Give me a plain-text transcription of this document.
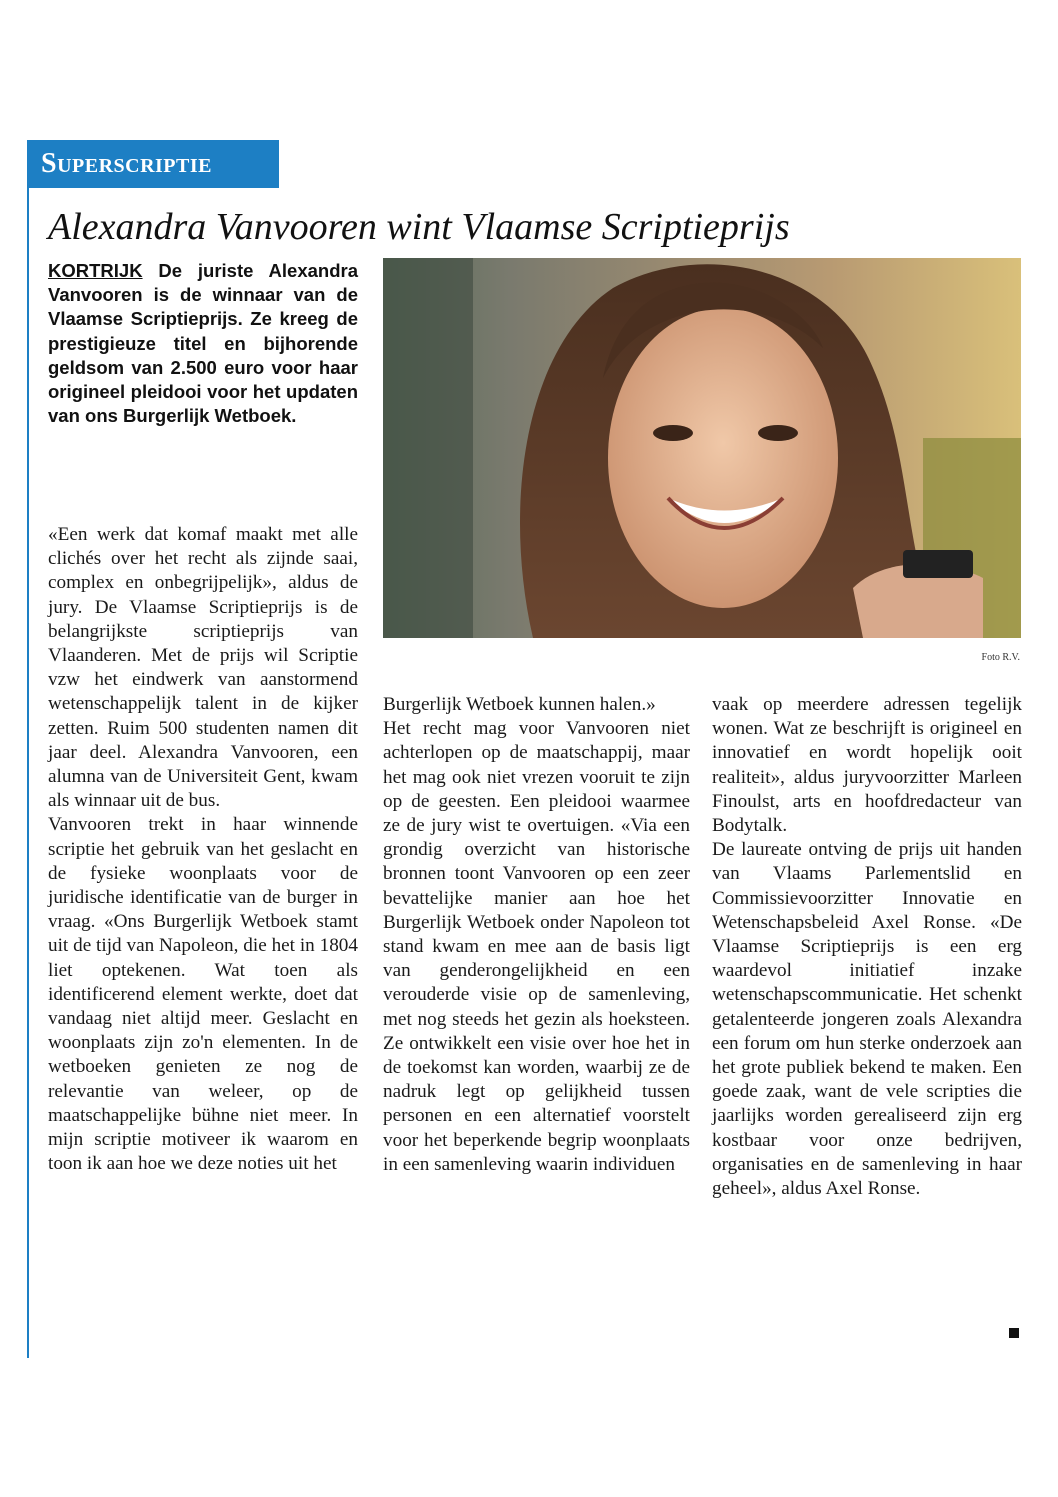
Superscriptie
Alexandra Vanvooren wint Vlaamse Scriptieprijs
KORTRIJK De juriste Alexandra Vanvooren is de winnaar van de Vlaamse Scriptieprijs. Ze kreeg de prestigieuze titel en bijhorende geldsom van 2.500 euro voor haar origineel pleidooi voor het updaten van ons Burgerlijk Wetboek.
Foto R.V.

«Een werk dat komaf maakt met alle clichés over het recht als zijnde saai, complex en onbegrijpelijk», aldus de jury. De Vlaamse Scriptieprijs is de belangrijkste scriptieprijs van Vlaanderen. Met de prijs wil Scriptie vzw het eindwerk van aanstormend wetenschappelijk talent in de kijker zetten. Ruim 500 studenten namen dit jaar deel. Alexandra Vanvooren, een alumna van de Universiteit Gent, kwam als winnaar uit de bus.

Vanvooren trekt in haar winnende scriptie het gebruik van het geslacht en de fysieke woonplaats voor de juridische identificatie van de burger in vraag. «Ons Burgerlijk Wetboek stamt uit de tijd van Napoleon, die het in 1804 liet optekenen. Wat toen als identificerend element werkte, doet dat vandaag niet altijd meer. Geslacht en woonplaats zijn zo'n elementen. In de wetboeken genieten ze nog de relevantie van weleer, op de maatschappelijke bühne niet meer. In mijn scriptie motiveer ik waarom en toon ik aan hoe we deze noties uit het

Burgerlijk Wetboek kunnen halen.»

Het recht mag voor Vanvooren niet achterlopen op de maatschappij, maar het mag ook niet vrezen vooruit te zijn op de geesten. Een pleidooi waarmee ze de jury wist te overtuigen. «Via een grondig overzicht van historische bronnen toont Vanvooren op een zeer bevattelijke manier aan hoe het Burgerlijk Wetboek onder Napoleon tot stand kwam en mee aan de basis ligt van genderongelijkheid en een verouderde visie op de samenleving, met nog steeds het gezin als hoeksteen. Ze ontwikkelt een visie over hoe het in de toekomst kan worden, waarbij ze de nadruk legt op gelijkheid tussen personen en een alternatief voorstelt voor het beperkende begrip woonplaats in een samenleving waarin individuen

vaak op meerdere adressen tegelijk wonen. Wat ze beschrijft is origineel en innovatief en wordt hopelijk ooit realiteit», aldus juryvoorzitter Marleen Finoulst, arts en hoofdredacteur van Bodytalk.

De laureate ontving de prijs uit handen van Vlaams Parlementslid en Commissievoorzitter Innovatie en Wetenschapsbeleid Axel Ronse. «De Vlaamse Scriptieprijs is een erg waardevol initiatief inzake wetenschapscommunicatie. Het schenkt getalenteerde jongeren zoals Alexandra een forum om hun sterke onderzoek aan het grote publiek bekend te maken. Een goede zaak, want de vele scripties die jaarlijks worden gerealiseerd zijn erg kostbaar voor onze bedrijven, organisaties en de samenleving in haar geheel», aldus Axel Ronse.
